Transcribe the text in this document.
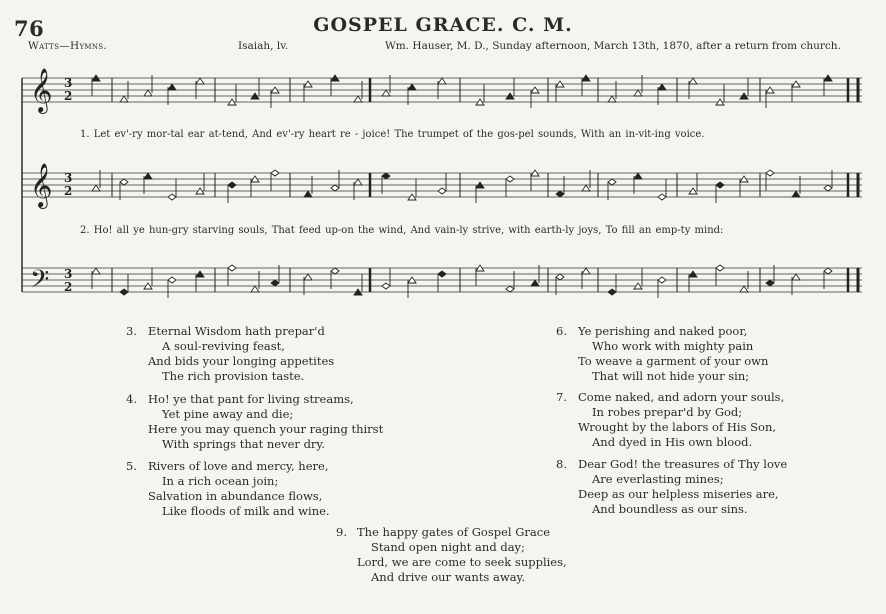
76	GOSPEL GRACE. C. M.
Watts—Hymns.	Isaiah, lv.	Wm. Hauser, M. D., Sunday afternoon, March 13th, 1870, after a return from church.
𝄞
𝄞
𝄢
3
2
3
2
3
2
1. Let ev'-ry mor-tal ear at-tend, And ev'-ry heart re - joice! The trumpet of the gos-pel sounds, With an in-vit-ing voice.
2. Ho! all ye hun-gry starving souls, That feed up-on the wind, And vain-ly strive, with earth-ly joys, To fill an emp-ty mind:
3. Eternal Wisdom hath prepar'd
A soul-reviving feast,
And bids your longing appetites
The rich provision taste.
4. Ho! ye that pant for living streams,
Yet pine away and die;
Here you may quench your raging thirst
With springs that never dry.
5. Rivers of love and mercy, here,
In a rich ocean join;
Salvation in abundance flows,
Like floods of milk and wine.
6. Ye perishing and naked poor,
Who work with mighty pain
To weave a garment of your own
That will not hide your sin;
7. Come naked, and adorn your souls,
In robes prepar'd by God;
Wrought by the labors of His Son,
And dyed in His own blood.
8. Dear God! the treasures of Thy love
Are everlasting mines;
Deep as our helpless miseries are,
And boundless as our sins.
9. The happy gates of Gospel Grace
Stand open night and day;
Lord, we are come to seek supplies,
And drive our wants away.
